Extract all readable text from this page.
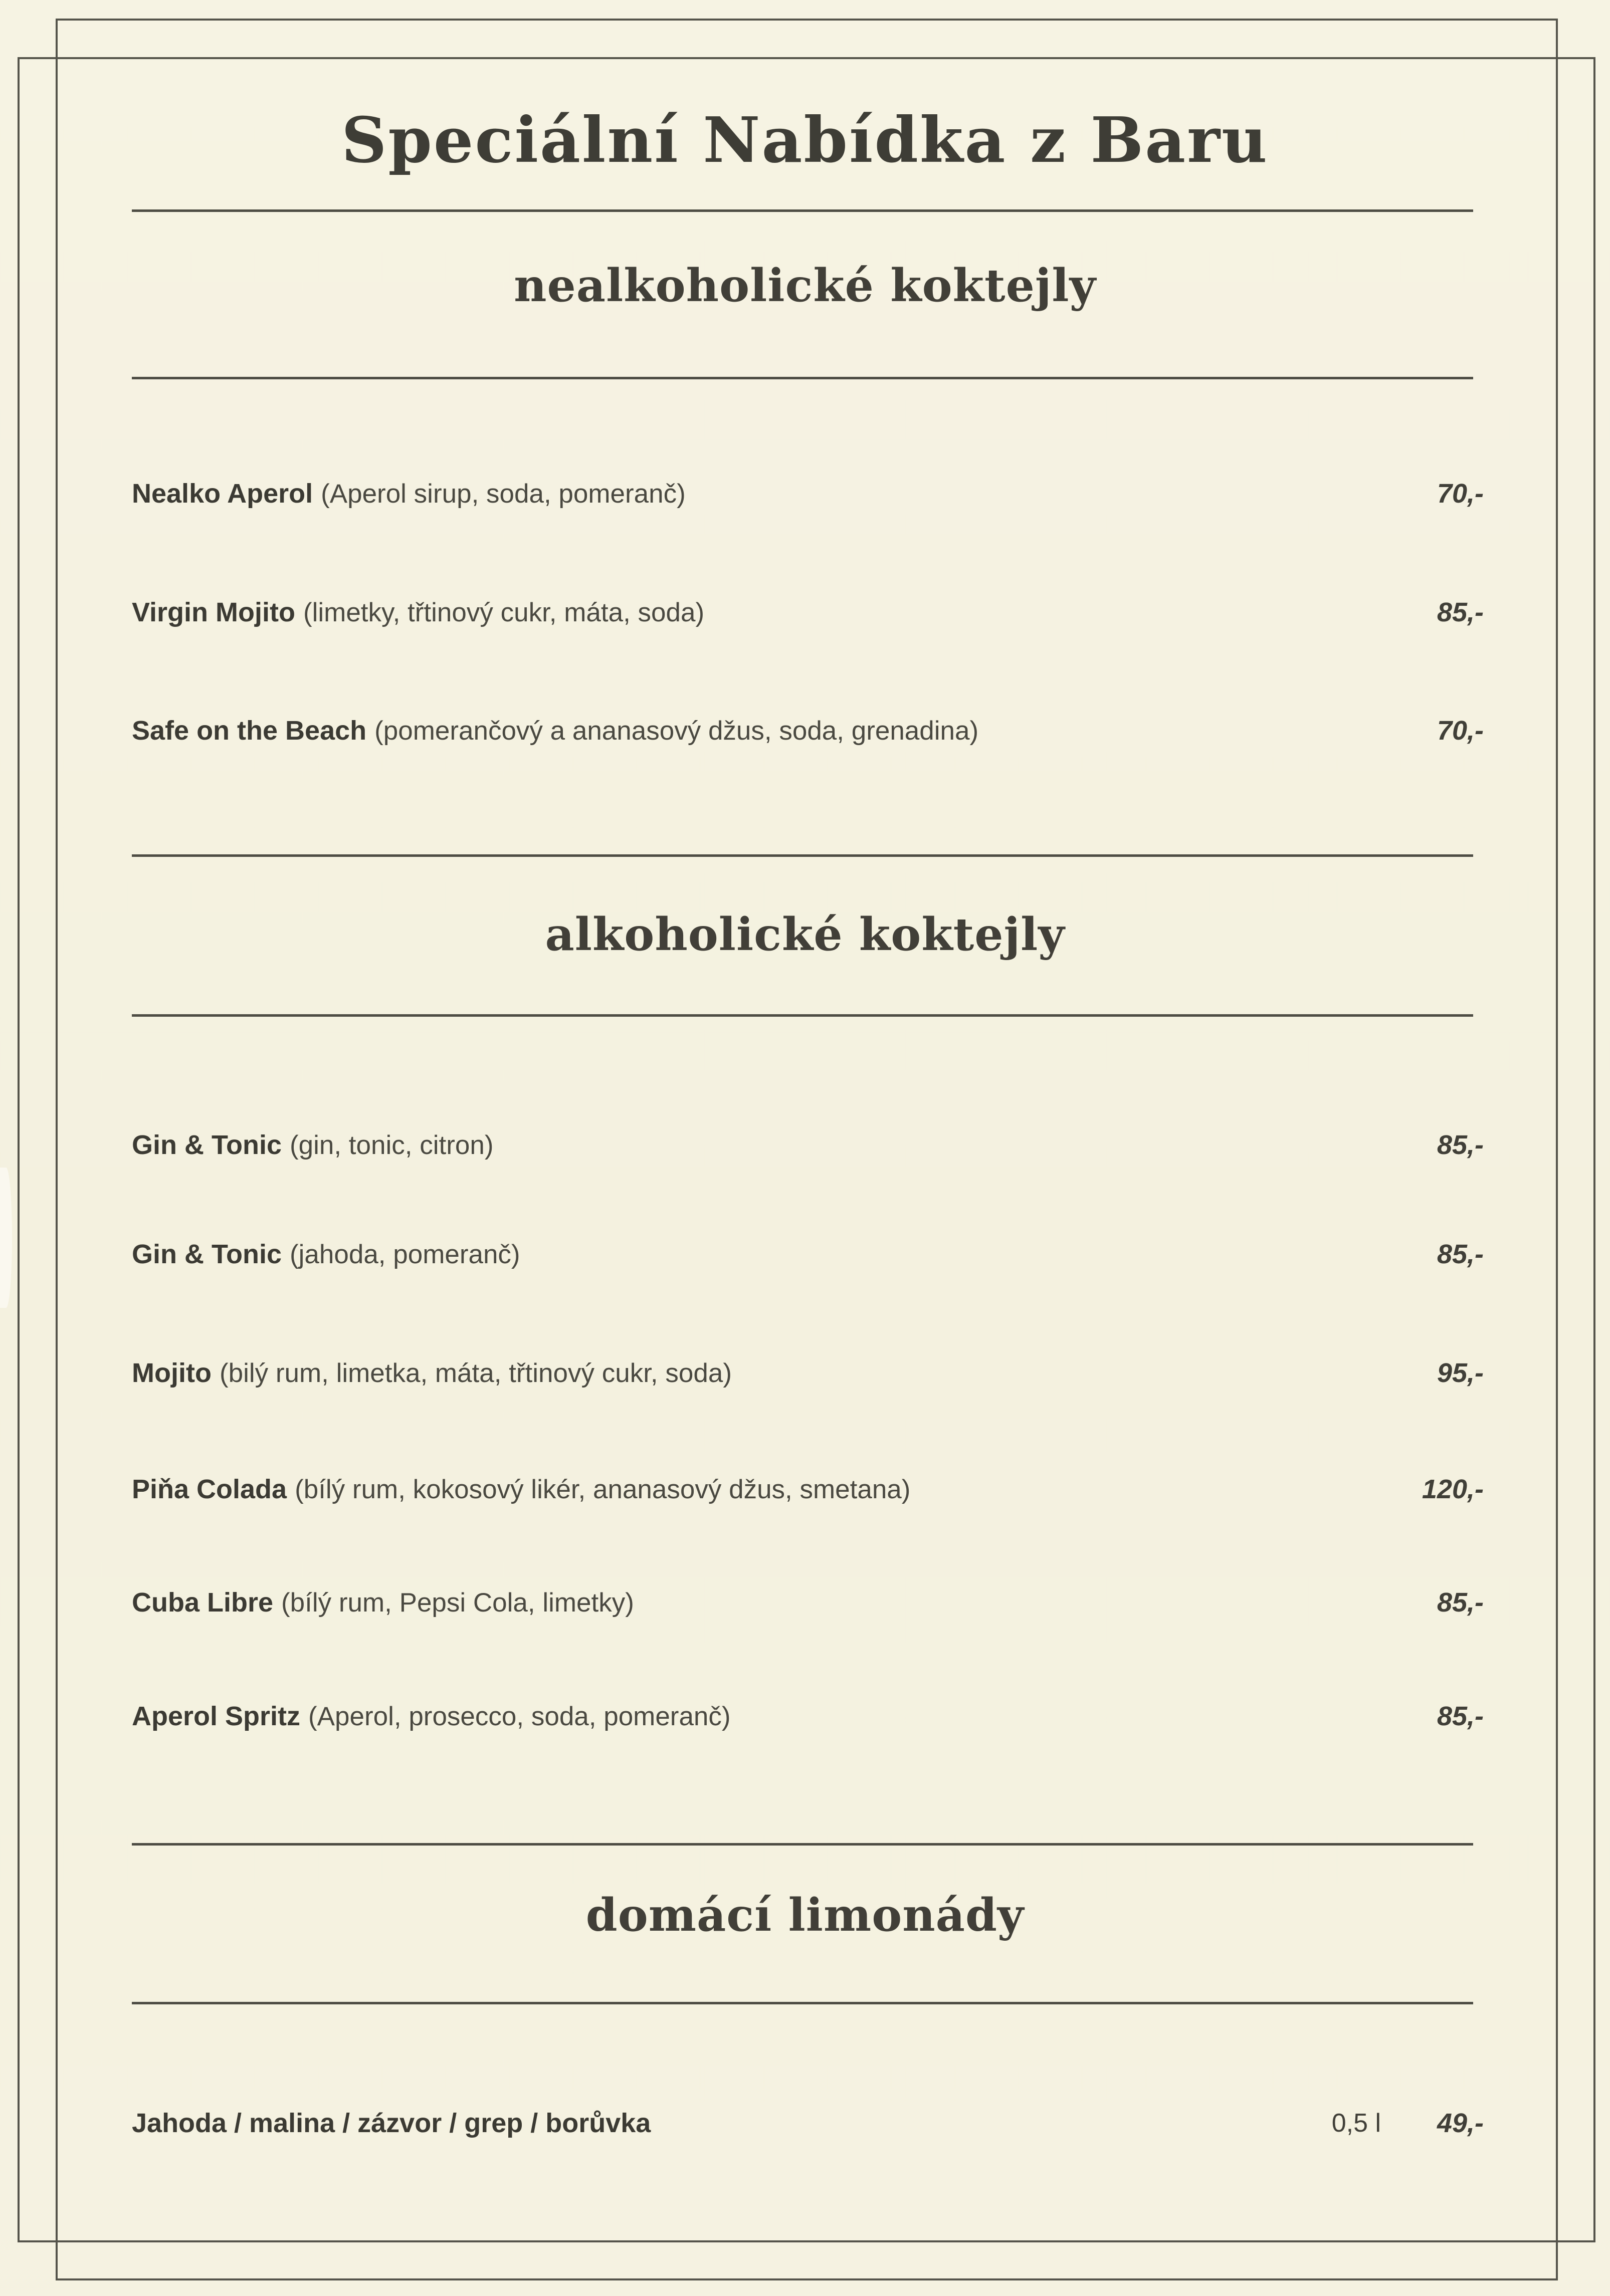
Speciální Nabídka z Baru
nealkoholické koktejly
Nealko Aperol (Aperol sirup, soda, pomeranč)	70,-
Virgin Mojito (limetky, třtinový cukr, máta, soda)	85,-
Safe on the Beach (pomerančový a ananasový džus, soda, grenadina)	70,-
alkoholické koktejly
Gin & Tonic (gin, tonic, citron)	85,-
Gin & Tonic (jahoda, pomeranč)	85,-
Mojito (bilý rum, limetka, máta, třtinový cukr, soda)	95,-
Piňa Colada (bílý rum, kokosový likér, ananasový džus, smetana)	120,-
Cuba Libre (bílý rum, Pepsi Cola, limetky)	85,-
Aperol Spritz (Aperol, prosecco, soda, pomeranč)	85,-
domácí limonády
Jahoda / malina / zázvor / grep / borůvka	0,5 l 49,-
